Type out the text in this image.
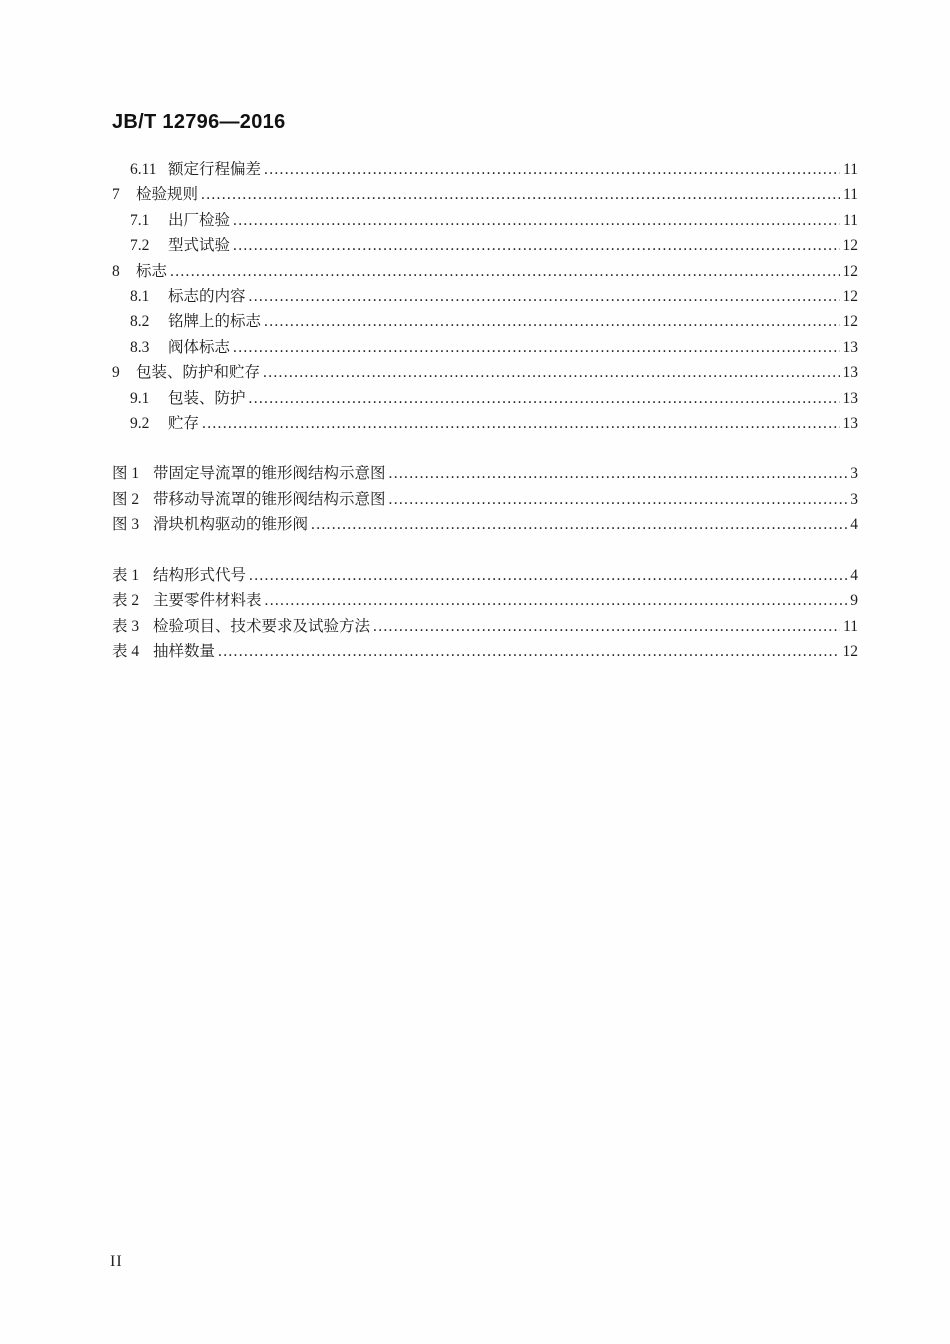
JB/T 12796—2016
6.11 额定行程偏差 .....	11
7	检验规则 .....	11
7.1	出厂检验 .....	11
7.2	型式试验 .....	12
8	标志 .....	12
8.1	标志的内容 .....	12
8.2	铭牌上的标志 .....	12
8.3	阀体标志 .....	13
9	包装、防护和贮存 .....	13
9.1	包装、防护 .....	13
9.2	贮存 .....	13
图 1 带固定导流罩的锥形阀结构示意图 .....	3
图 2 带移动导流罩的锥形阀结构示意图 .....	3
图 3 滑块机构驱动的锥形阀 .....	4
表 1 结构形式代号 .....	4
表 2 主要零件材料表 .....	9
表 3 检验项目、技术要求及试验方法 .....	11
表 4 抽样数量 .....	12
II
